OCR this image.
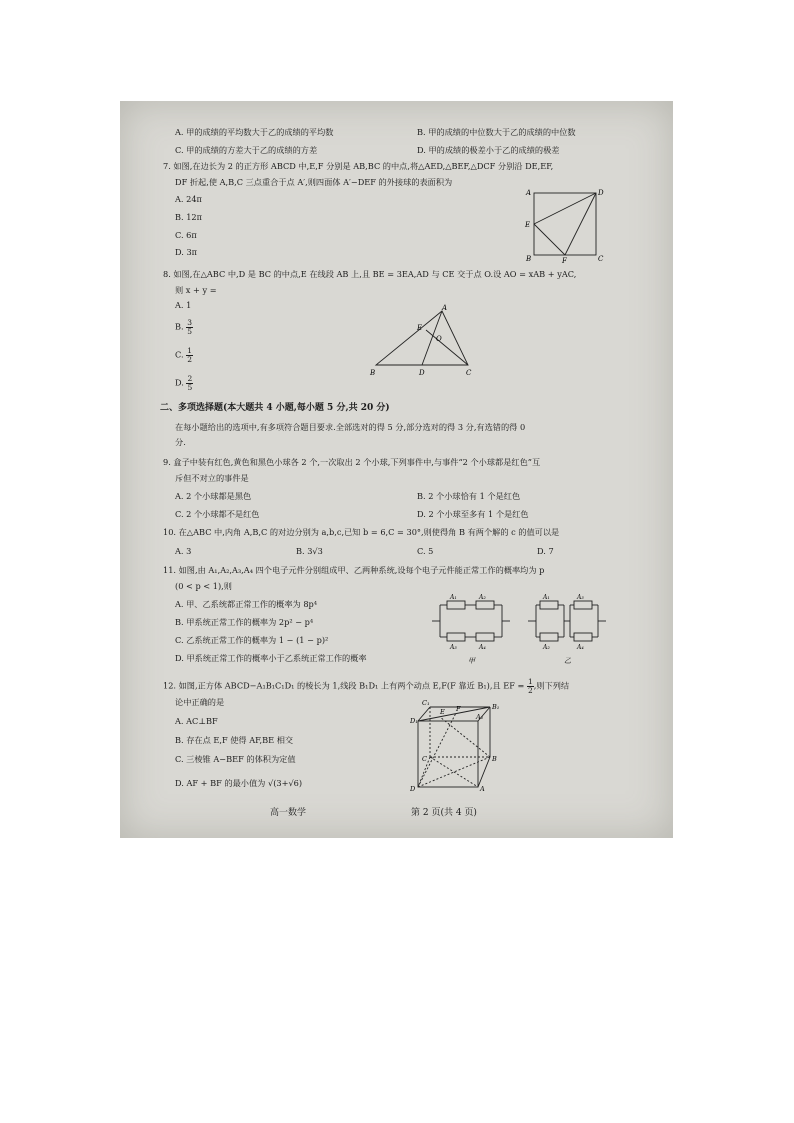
A. 甲的成绩的平均数大于乙的成绩的平均数	B. 甲的成绩的中位数大于乙的成绩的中位数
C. 甲的成绩的方差大于乙的成绩的方差	D. 甲的成绩的极差小于乙的成绩的极差
7. 如图,在边长为 2 的正方形 ABCD 中,E,F 分别是 AB,BC 的中点,将△AED,△BEF,△DCF 分别沿 DE,EF,
DF 折起,使 A,B,C 三点重合于点 A′,则四面体 A′−DEF 的外接球的表面积为
A. 24π
B. 12π
C. 6π
D. 3π
A	D
E
B	F	C
8. 如图,在△ABC 中,D 是 BC 的中点,E 在线段 AB 上,且 BE = 3EA,AD 与 CE 交于点 O.设 AO = xAB + yAC,
则 x + y =
A. 1
B. $\frac{3}{5}$
C. $\frac{1}{2}$
D. $\frac{2}{5}$
A
E
O
B	D	C
二、多项选择题(本大题共 4 小题,每小题 5 分,共 20 分)
在每小题给出的选项中,有多项符合题目要求.全部选对的得 5 分,部分选对的得 3 分,有选错的得 0
分.
9. 盒子中装有红色,黄色和黑色小球各 2 个,一次取出 2 个小球,下列事件中,与事件“2 个小球都是红色”互
斥但不对立的事件是
A. 2 个小球都是黑色	B. 2 个小球恰有 1 个是红色
C. 2 个小球都不是红色	D. 2 个小球至多有 1 个是红色
10. 在△ABC 中,内角 A,B,C 的对边分别为 a,b,c,已知 b = 6,C = 30°,则使得角 B 有两个解的 c 的值可以是
A. 3	B. 3√3	C. 5	D. 7
11. 如图,由 A₁,A₂,A₃,A₄ 四个电子元件分别组成甲、乙两种系统,设每个电子元件能正常工作的概率均为 p
(0 < p < 1),则
A. 甲、乙系统都正常工作的概率为 8p⁴
B. 甲系统正常工作的概率为 2p² − p⁴
C. 乙系统正常工作的概率为 1 − (1 − p)²
D. 甲系统正常工作的概率小于乙系统正常工作的概率
A₁	A₂
A₃	A₄
A₁	A₃
A₂	A₄
甲	乙
12. 如图,正方体 ABCD−A₁B₁C₁D₁ 的棱长为 1,线段 B₁D₁ 上有两个动点 E,F(F 靠近 B₁),且 EF = $\frac{1}{2}$ ,则下列结
论中正确的是
A. AC⊥BF
B. 存在点 E,F 使得 AF,BE 相交
C. 三棱锥 A−BEF 的体积为定值
D. AF + BF 的最小值为 √(3+√6)
C₁	B₁
D₁	A₁
E F
C	B
D	A
高一数学	第 2 页(共 4 页)
